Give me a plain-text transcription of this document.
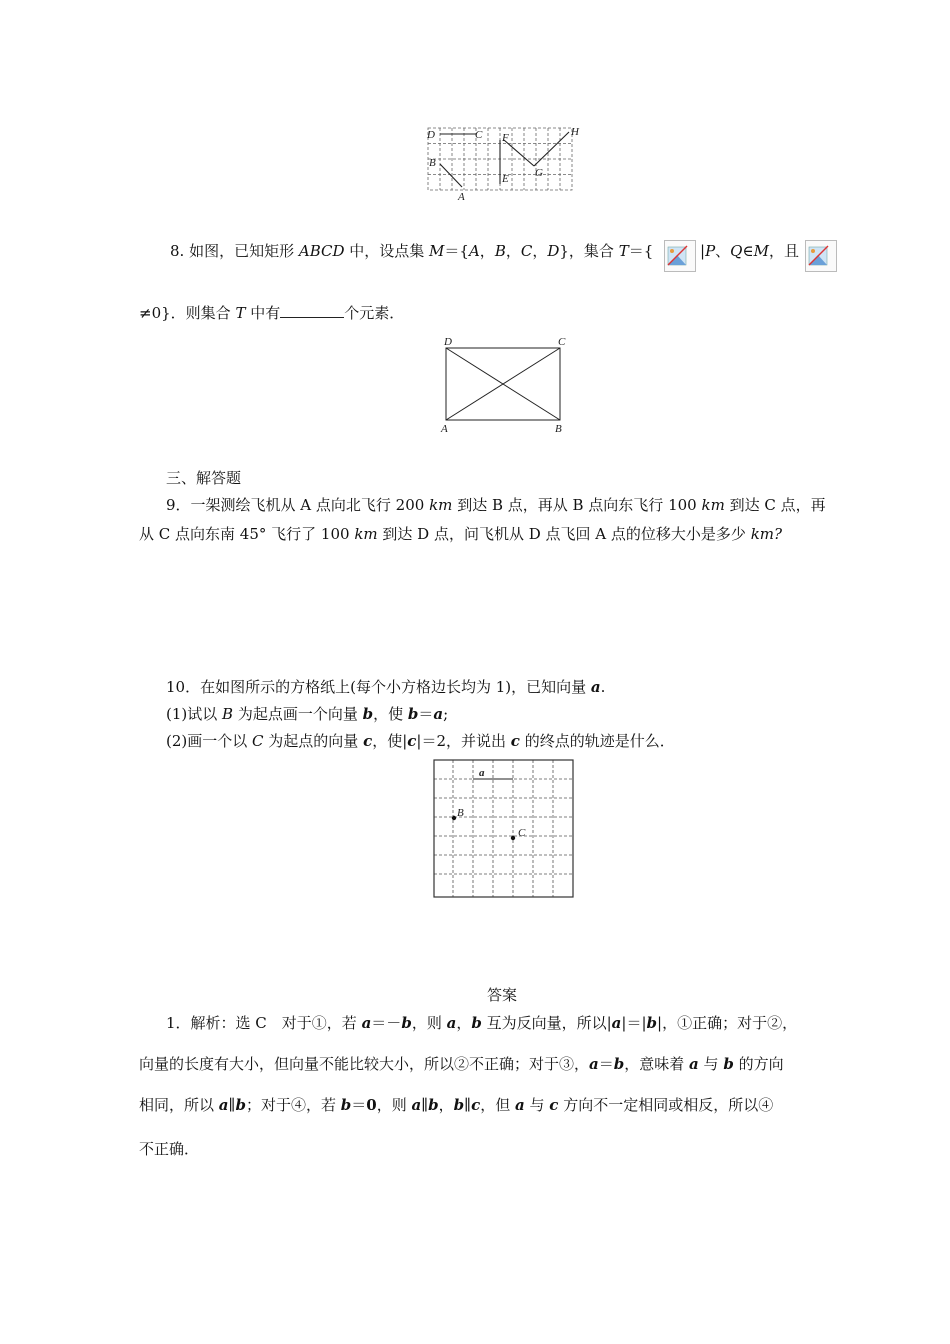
D	C
B
A
F
E G
H
8. 如图，已知矩形 ABCD 中，设点集 M＝{A，B，C，D}，集合 T＝{	|P、Q∈M，且
≠0}．则集合 T 中有	个元素．
D	C
A	B
三、解答题
9．一架测绘飞机从 A 点向北飞行 200 km 到达 B 点，再从 B 点向东飞行 100 km 到达 C 点，再
从 C 点向东南 45° 飞行了 100 km 到达 D 点，问飞机从 D 点飞回 A 点的位移大小是多少 km?
10．在如图所示的方格纸上(每个小方格边长均为 1)，已知向量 a.
(1)试以 B 为起点画一个向量 b，使 b＝a;
(2)画一个以 C 为起点的向量 c，使|c|＝2，并说出 c 的终点的轨迹是什么．
a
B
C
答案
1．解析：选 C　对于①，若 a＝－b，则 a，b 互为反向量，所以|a|＝|b|，①正确；对于②，
向量的长度有大小，但向量不能比较大小，所以②不正确；对于③，a＝b，意味着 a 与 b 的方向
相同，所以 a∥b；对于④，若 b＝0，则 a∥b，b∥c，但 a 与 c 方向不一定相同或相反，所以④
不正确．
